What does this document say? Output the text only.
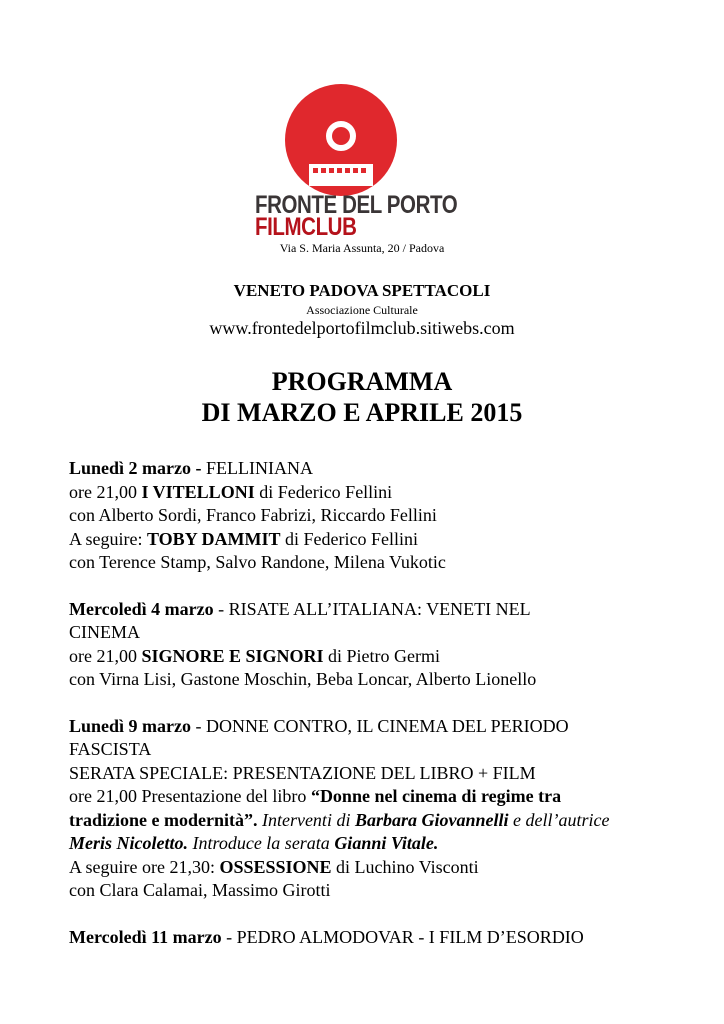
FRONTE DEL PORTO
FILMCLUB
Via S. Maria Assunta, 20 / Padova
VENETO PADOVA SPETTACOLI
Associazione Culturale
www.frontedelportofilmclub.sitiwebs.com
PROGRAMMA
DI MARZO E APRILE 2015

Lunedì 2 marzo - FELLINIANA

ore 21,00 I VITELLONI di Federico Fellini

con Alberto Sordi, Franco Fabrizi, Riccardo Fellini

A seguire: TOBY DAMMIT di Federico Fellini

con Terence Stamp, Salvo Randone, Milena Vukotic

Mercoledì 4 marzo - RISATE ALL’ITALIANA: VENETI NEL

CINEMA

ore 21,00 SIGNORE E SIGNORI di Pietro Germi

con Virna Lisi, Gastone Moschin, Beba Loncar, Alberto Lionello

Lunedì 9 marzo - DONNE CONTRO, IL CINEMA DEL PERIODO

FASCISTA

SERATA SPECIALE: PRESENTAZIONE DEL LIBRO + FILM

ore 21,00 Presentazione del libro “Donne nel cinema di regime tra

tradizione e modernità”. Interventi di Barbara Giovannelli e dell’autrice

Meris Nicoletto. Introduce la serata Gianni Vitale.

A seguire ore 21,30: OSSESSIONE di Luchino Visconti

con Clara Calamai, Massimo Girotti

Mercoledì 11 marzo - PEDRO ALMODOVAR - I FILM D’ESORDIO
